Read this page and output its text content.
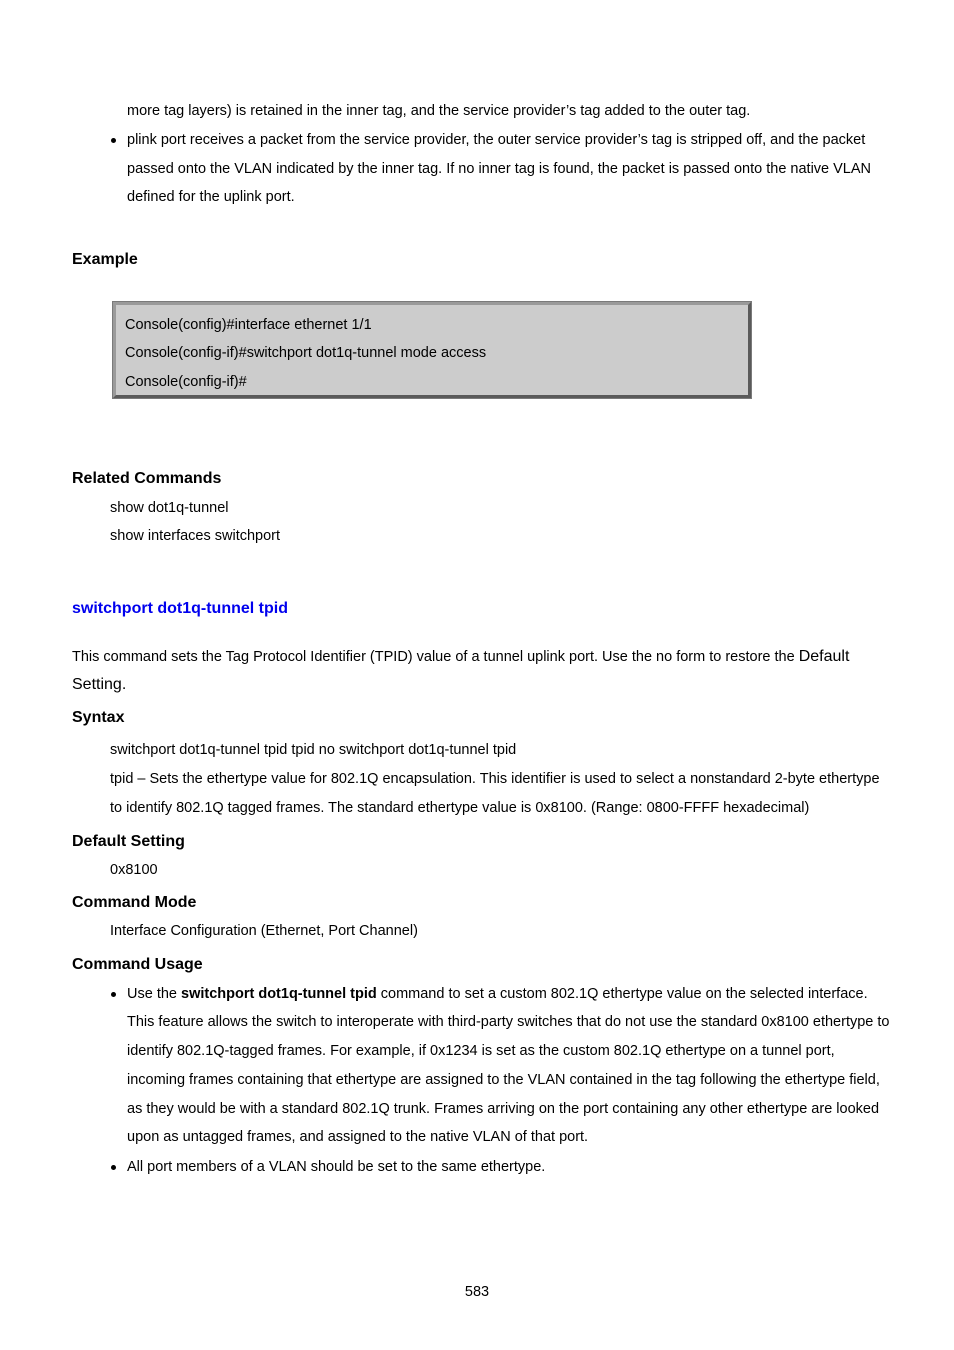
more tag layers) is retained in the inner tag, and the service provider’s tag added to the outer tag.
plink port receives a packet from the service provider, the outer service provider’s tag is stripped off, and the packet
passed onto the VLAN indicated by the inner tag. If no inner tag is found, the packet is passed onto the native VLAN
defined for the uplink port.
Example
Console(config)#interface ethernet 1/1
Console(config-if)#switchport dot1q-tunnel mode access
Console(config-if)#
Related Commands
show dot1q-tunnel
show interfaces switchport
switchport dot1q-tunnel tpid
This command sets the Tag Protocol Identifier (TPID) value of a tunnel uplink port. Use the no form to restore the Default
Setting.
Syntax
switchport dot1q-tunnel tpid tpid no switchport dot1q-tunnel tpid
tpid – Sets the ethertype value for 802.1Q encapsulation. This identifier is used to select a nonstandard 2-byte ethertype
to identify 802.1Q tagged frames. The standard ethertype value is 0x8100. (Range: 0800-FFFF hexadecimal)
Default Setting
0x8100
Command Mode
Interface Configuration (Ethernet, Port Channel)
Command Usage
Use the switchport dot1q-tunnel tpid command to set a custom 802.1Q ethertype value on the selected interface.
This feature allows the switch to interoperate with third-party switches that do not use the standard 0x8100 ethertype to
identify 802.1Q-tagged frames. For example, if 0x1234 is set as the custom 802.1Q ethertype on a tunnel port,
incoming frames containing that ethertype are assigned to the VLAN contained in the tag following the ethertype field,
as they would be with a standard 802.1Q trunk. Frames arriving on the port containing any other ethertype are looked
upon as untagged frames, and assigned to the native VLAN of that port.
All port members of a VLAN should be set to the same ethertype.
583
